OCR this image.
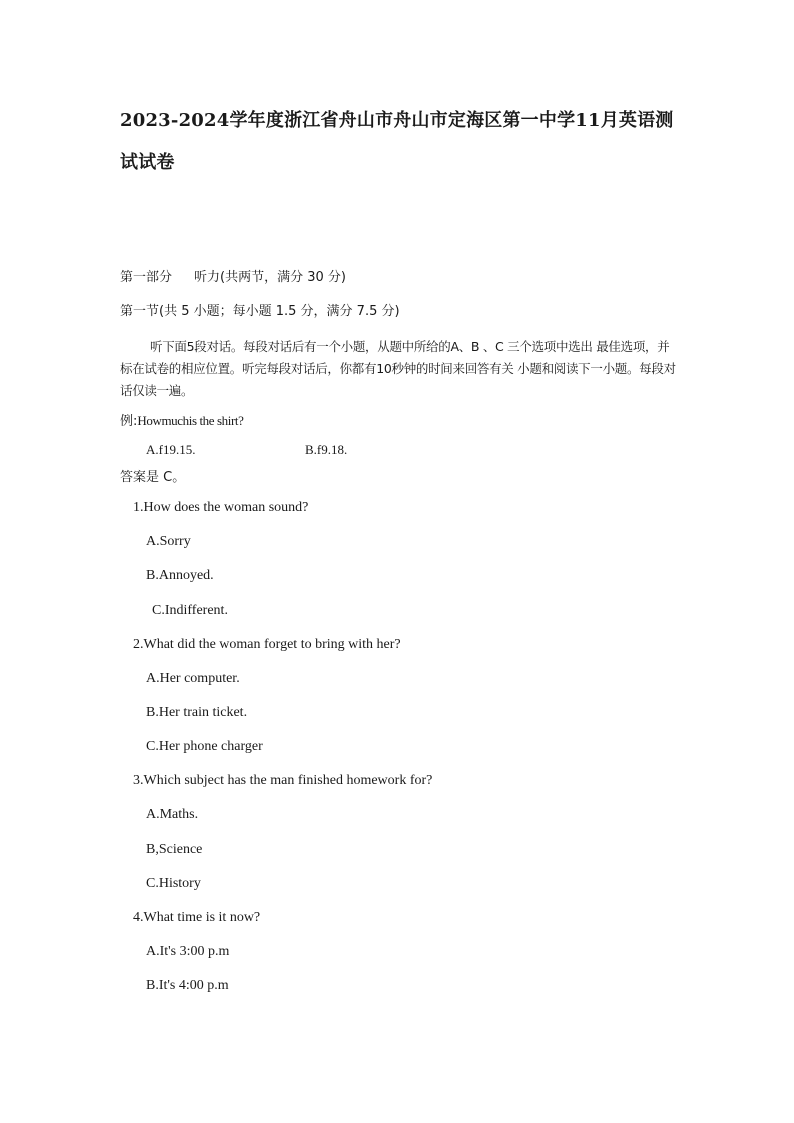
2023-2024学年度浙江省舟山市舟山市定海区第一中学11月英语测
试试卷
第一部分 听力(共两节，满分 30 分)
第一节(共 5 小题；每小题 1.5 分，满分 7.5 分)
听下面5段对话。每段对话后有一个小题，从题中所给的A、B 、C 三个选项中选出 最佳选项，并标在试卷的相应位置。听完每段对话后，你都有10秒钟的时间来回答有关 小题和阅读下一小题。每段对话仅读一遍。
例:Howmuchis the shirt?
A.f19.15.	B.f9.18.
答案是 C。
1.How does the woman sound?
A.Sorry
B.Annoyed.
C.Indifferent.
2.What did the woman forget to bring with her?
A.Her computer.
B.Her train ticket.
C.Her phone charger
3.Which subject has the man finished homework for?
A.Maths.
B,Science
C.History
4.What time is it now?
A.It's 3:00 p.m
B.It's 4:00 p.m
